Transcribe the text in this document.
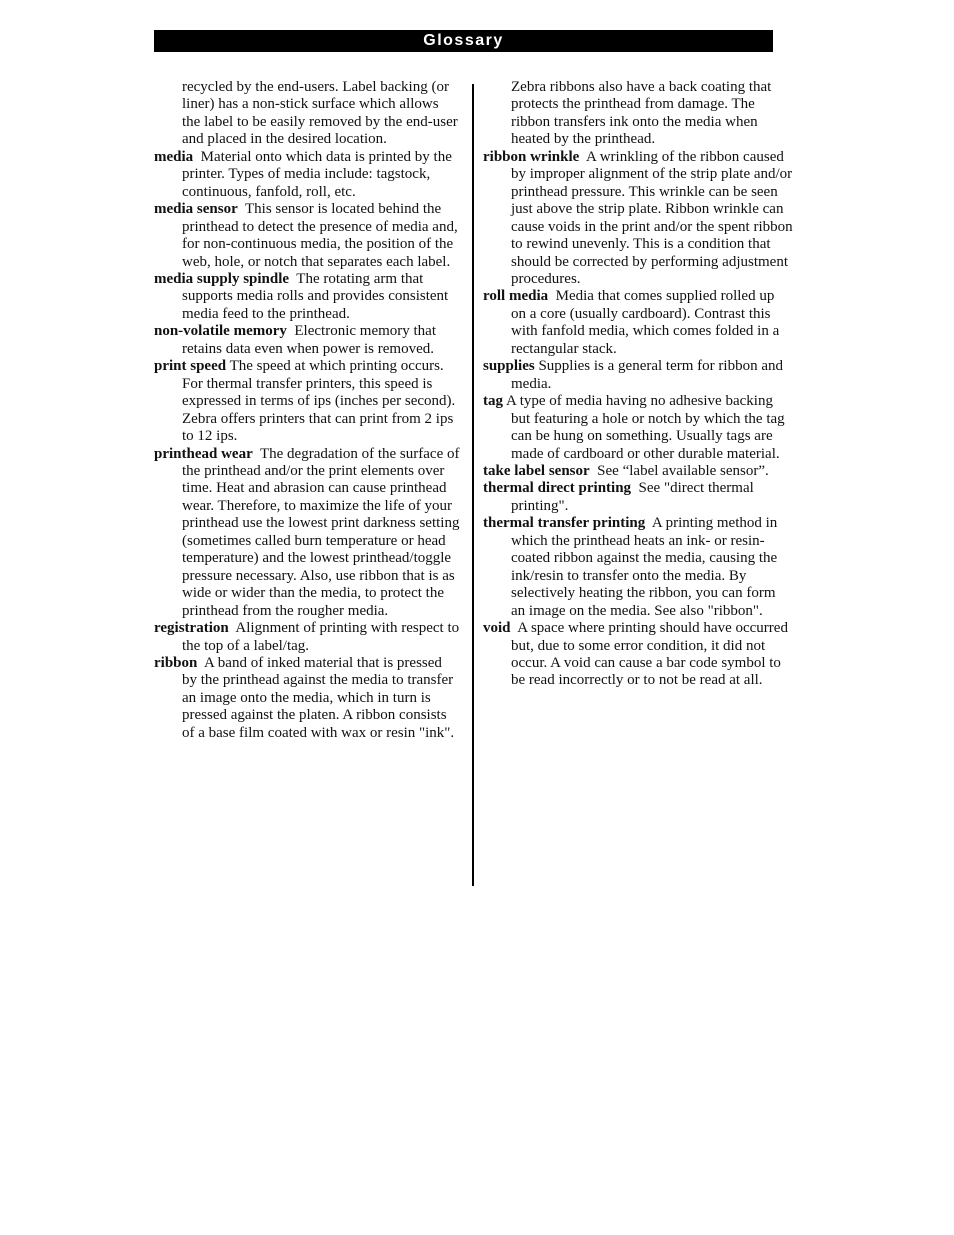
Glossary

recycled by the end-users. Label backing (or liner) has a non-stick surface which allows the label to be easily removed by the end-user and placed in the desired location.

media Material onto which data is printed by the printer. Types of media include: tagstock, continuous, fanfold, roll, etc.

media sensor This sensor is located behind the printhead to detect the presence of media and, for non-continuous media, the position of the web, hole, or notch that separates each label.

media supply spindle The rotating arm that supports media rolls and provides consistent media feed to the printhead.

non-volatile memory Electronic memory that retains data even when power is removed.

print speed The speed at which printing occurs. For thermal transfer printers, this speed is expressed in terms of ips (inches per second). Zebra offers printers that can print from 2 ips to 12 ips.

printhead wear The degradation of the surface of the printhead and/or the print elements over time. Heat and abrasion can cause printhead wear. Therefore, to maximize the life of your printhead use the lowest print darkness setting (sometimes called burn temperature or head temperature) and the lowest printhead/toggle pressure necessary. Also, use ribbon that is as wide or wider than the media, to protect the printhead from the rougher media.

registration Alignment of printing with respect to the top of a label/tag.

ribbon A band of inked material that is pressed by the printhead against the media to transfer an image onto the media, which in turn is pressed against the platen. A ribbon consists of a base film coated with wax or resin "ink".

Zebra ribbons also have a back coating that protects the printhead from damage. The ribbon transfers ink onto the media when heated by the printhead.

ribbon wrinkle A wrinkling of the ribbon caused by improper alignment of the strip plate and/or printhead pressure. This wrinkle can be seen just above the strip plate. Ribbon wrinkle can cause voids in the print and/or the spent ribbon to rewind unevenly. This is a condition that should be corrected by performing adjustment procedures.

roll media Media that comes supplied rolled up on a core (usually cardboard). Contrast this with fanfold media, which comes folded in a rectangular stack.

supplies Supplies is a general term for ribbon and media.

tag A type of media having no adhesive backing but featuring a hole or notch by which the tag can be hung on something. Usually tags are made of cardboard or other durable material.

take label sensor See “label available sensor”.

thermal direct printing See "direct thermal printing".

thermal transfer printing A printing method in which the printhead heats an ink- or resin-coated ribbon against the media, causing the ink/resin to transfer onto the media. By selectively heating the ribbon, you can form an image on the media. See also "ribbon".

void A space where printing should have occurred but, due to some error condition, it did not occur. A void can cause a bar code symbol to be read incorrectly or to not be read at all.
